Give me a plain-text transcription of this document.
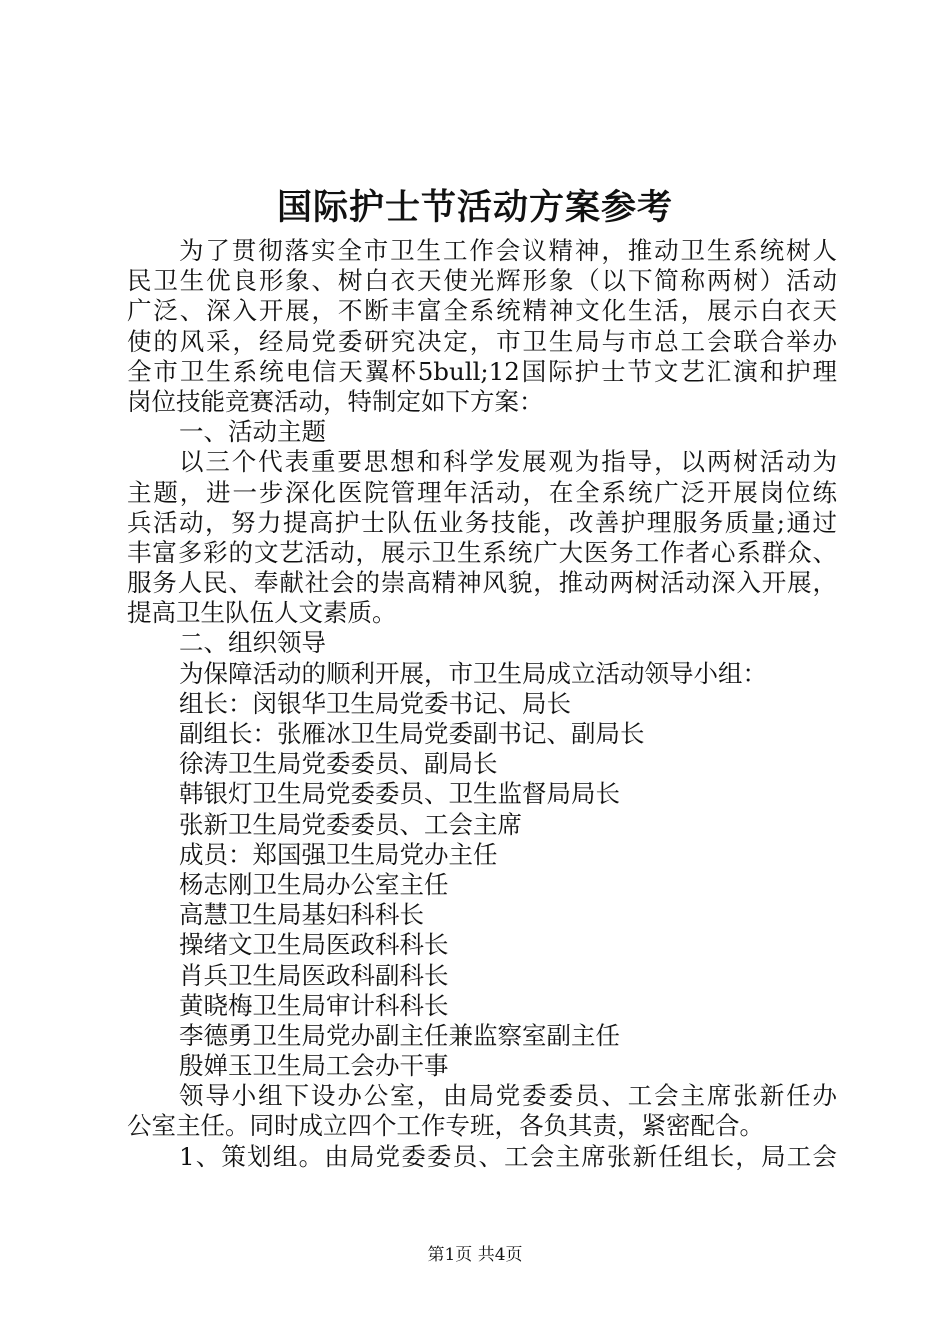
国际护士节活动方案参考
为了贯彻落实全市卫生工作会议精神，推动卫生系统树人
民卫生优良形象、树白衣天使光辉形象（以下简称两树）活动
广泛、深入开展，不断丰富全系统精神文化生活，展示白衣天
使的风采，经局党委研究决定，市卫生局与市总工会联合举办
全市卫生系统电信天翼杯5bull;12国际护士节文艺汇演和护理
岗位技能竞赛活动，特制定如下方案：
一、活动主题
以三个代表重要思想和科学发展观为指导，以两树活动为
主题，进一步深化医院管理年活动，在全系统广泛开展岗位练
兵活动，努力提高护士队伍业务技能，改善护理服务质量;通过
丰富多彩的文艺活动，展示卫生系统广大医务工作者心系群众、
服务人民、奉献社会的崇高精神风貌，推动两树活动深入开展，
提高卫生队伍人文素质。
二、组织领导
为保障活动的顺利开展，市卫生局成立活动领导小组：
组长：闵银华卫生局党委书记、局长
副组长：张雁冰卫生局党委副书记、副局长
徐涛卫生局党委委员、副局长
韩银灯卫生局党委委员、卫生监督局局长
张新卫生局党委委员、工会主席
成员：郑国强卫生局党办主任
杨志刚卫生局办公室主任
高慧卫生局基妇科科长
操绪文卫生局医政科科长
肖兵卫生局医政科副科长
黄晓梅卫生局审计科科长
李德勇卫生局党办副主任兼监察室副主任
殷婵玉卫生局工会办干事
领导小组下设办公室，由局党委委员、工会主席张新任办
公室主任。同时成立四个工作专班，各负其责，紧密配合。
1、策划组。由局党委委员、工会主席张新任组长，局工会
第1页 共4页
